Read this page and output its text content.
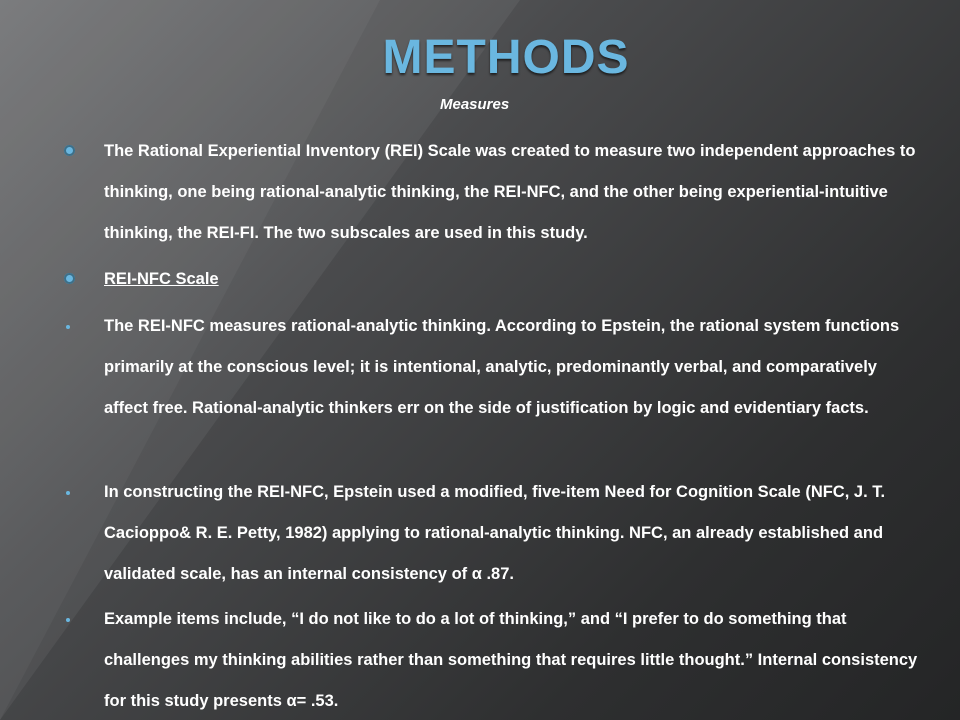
METHODS
Measures
The Rational Experiential Inventory (REI) Scale was created to measure two independent approaches to thinking, one being rational-analytic thinking, the REI-NFC, and the other being experiential-intuitive thinking, the REI-FI. The two subscales are used in this study.
REI-NFC Scale
The REI-NFC measures rational-analytic thinking. According to Epstein, the rational system functions primarily at the conscious level; it is intentional, analytic, predominantly verbal, and comparatively affect free. Rational-analytic thinkers err on the side of justification by logic and evidentiary facts.
In constructing the REI-NFC, Epstein used a modified, five-item Need for Cognition Scale (NFC, J. T. Cacioppo& R. E. Petty, 1982) applying to rational-analytic thinking. NFC, an already established and validated scale, has an internal consistency of α .87.
Example items include, “I do not like to do a lot of thinking,” and “I prefer to do something that challenges my thinking abilities rather than something that requires little thought.” Internal consistency for this study presents α= .53.
